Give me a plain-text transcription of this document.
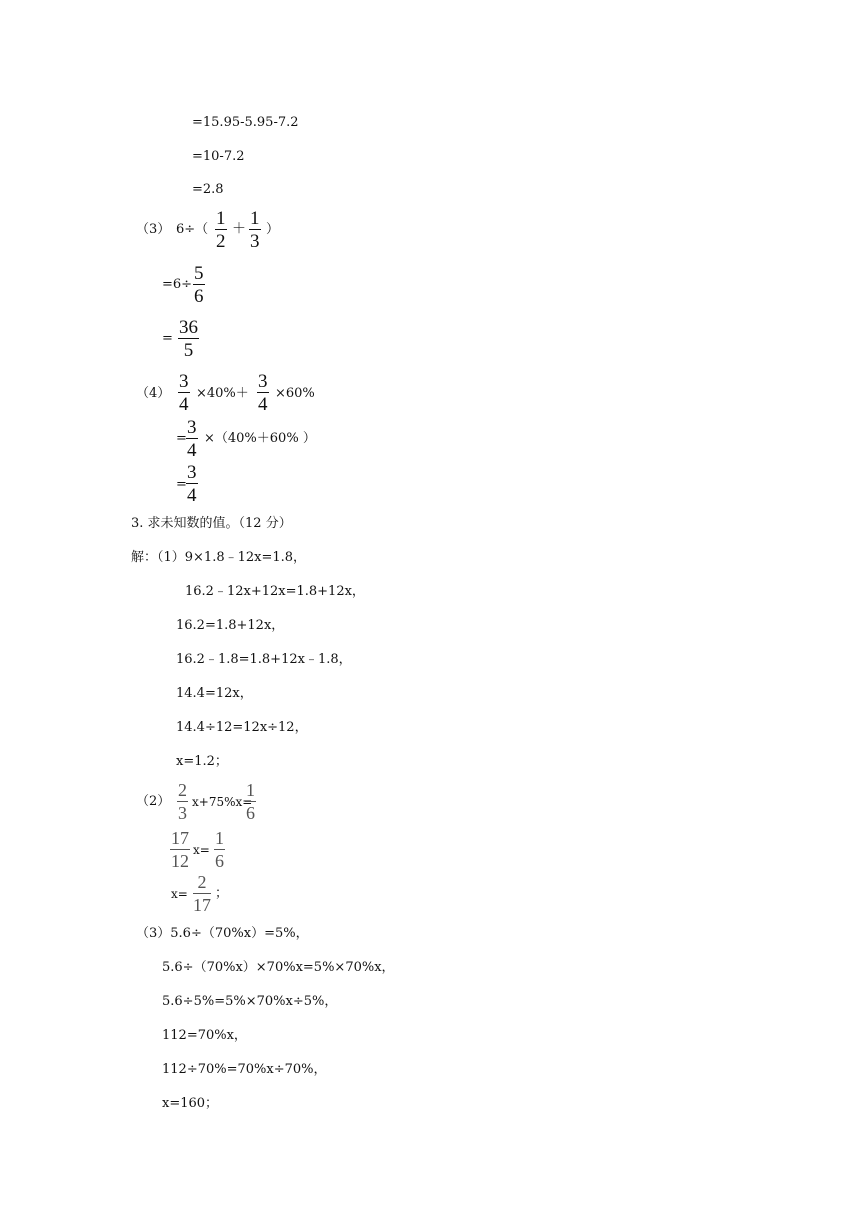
=15.95-5.95-7.2
=10-7.2
=2.8
（3） $6\div( \frac{1}{2} + \frac{1}{3}$ ）
$=6\div \frac{5}{6}$
= $\frac{36}{5}$
$(4) \frac{3}{4} \times 40\%+ \frac{3}{4} \times 60\%$
= $\frac{3}{4} \times(40\%+60\%$ ）
= $\frac{3}{4}$
3. 求未知数的值。（12 分）
解：（1）9×1.8﹣12x=1.8，
16.2﹣12x+12x=1.8+12x，
16.2=1.8+12x，
16.2﹣1.8=1.8+12x﹣1.8，
14.4=12x，
14.4÷12=12x÷12，
x=1.2；
$(2) \frac{2}{3} x+75\%x=$
$\frac{1}{6}$
$\frac{17}{12} x= \frac{1}{6}$
$x= \frac{2}{17}$ ；
（3）5.6÷（70%x）=5%，
5.6÷（70%x）×70%x=5%×70%x，
5.6÷5%=5%×70%x÷5%，
112=70%x，
112÷70%=70%x÷70%，
x=160；
